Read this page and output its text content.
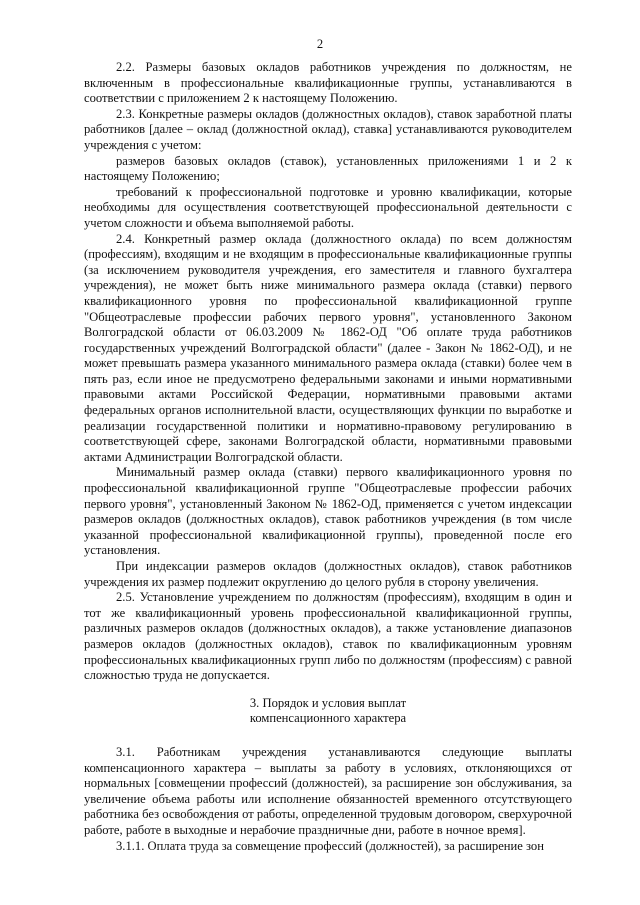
2

2.2. Размеры базовых окладов работников учреждения по должностям, не включенным в профессиональные квалификационные группы, устанавливаются в соответствии с приложением 2 к настоящему Положению.

2.3. Конкретные размеры окладов (должностных окладов), ставок заработной платы работников [далее – оклад (должностной оклад), ставка] устанавливаются руководителем учреждения с учетом:

размеров базовых окладов (ставок), установленных приложениями 1 и 2 к настоящему Положению;

требований к профессиональной подготовке и уровню квалификации, которые необходимы для осуществления соответствующей профессиональной деятельности с учетом сложности и объема выполняемой работы.

2.4. Конкретный размер оклада (должностного оклада) по всем должностям (профессиям), входящим и не входящим в профессиональные квалификационные группы (за исключением руководителя учреждения, его заместителя и главного бухгалтера учреждения), не может быть ниже минимального размера оклада (ставки) первого квалификационного уровня по профессиональной квалификационной группе "Общеотраслевые профессии рабочих первого уровня", установленного Законом Волгоградской области от 06.03.2009 № 1862-ОД "Об оплате труда работников государственных учреждений Волгоградской области" (далее - Закон № 1862-ОД), и не может превышать размера указанного минимального размера оклада (ставки) более чем в пять раз, если иное не предусмотрено федеральными законами и иными нормативными правовыми актами Российской Федерации, нормативными правовыми актами федеральных органов исполнительной власти, осуществляющих функции по выработке и реализации государственной политики и нормативно-правовому регулированию в соответствующей сфере, законами Волгоградской области, нормативными правовыми актами Администрации Волгоградской области.

Минимальный размер оклада (ставки) первого квалификационного уровня по профессиональной квалификационной группе "Общеотраслевые профессии рабочих первого уровня", установленный Законом № 1862-ОД, применяется с учетом индексации размеров окладов (должностных окладов), ставок работников учреждения (в том числе указанной профессиональной квалификационной группы), проведенной после его установления.

При индексации размеров окладов (должностных окладов), ставок работников учреждения их размер подлежит округлению до целого рубля в сторону увеличения.

2.5. Установление учреждением по должностям (профессиям), входящим в один и тот же квалификационный уровень профессиональной квалификационной группы, различных размеров окладов (должностных окладов), а также установление диапазонов размеров окладов (должностных окладов), ставок по квалификационным уровням профессиональных квалификационных групп либо по должностям (профессиям) с равной сложностью труда не допускается.

3. Порядок и условия выплат
компенсационного характера

3.1. Работникам учреждения устанавливаются следующие выплаты компенсационного характера – выплаты за работу в условиях, отклоняющихся от нормальных [совмещении профессий (должностей), за расширение зон обслуживания, за увеличение объема работы или исполнение обязанностей временного отсутствующего работника без освобождения от работы, определенной трудовым договором, сверхурочной работе, работе в выходные и нерабочие праздничные дни, работе в ночное время].

3.1.1. Оплата труда за совмещение профессий (должностей), за расширение зон
